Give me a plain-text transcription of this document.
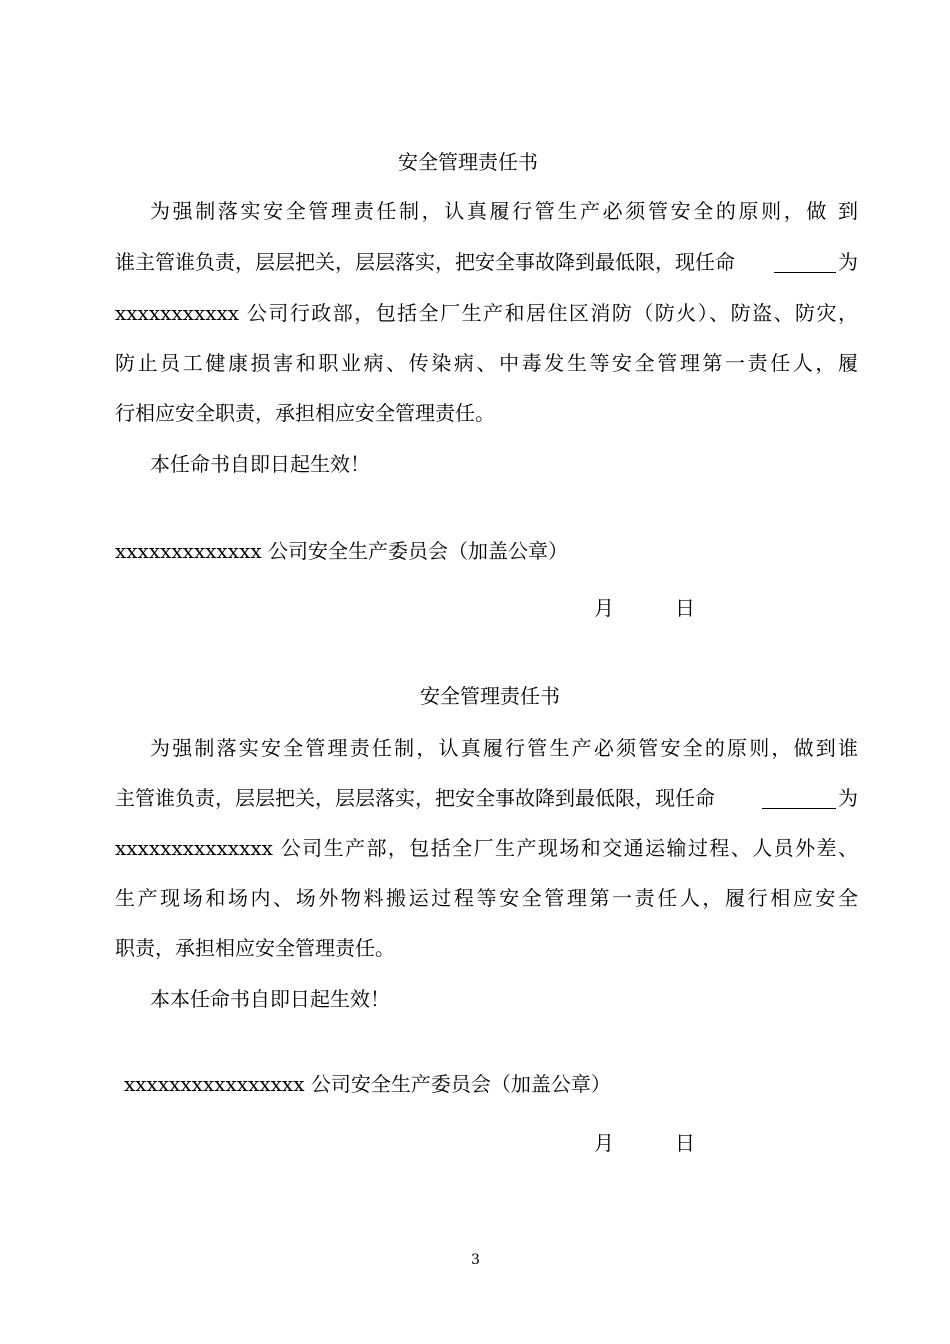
安全管理责任书
为强制落实安全管理责任制，认真履行管生产必须管安全的原则，做 到
谁主管谁负责，层层把关，层层落实，把安全事故降到最低限，现任命	为
xxxxxxxxxxx 公司行政部，包括全厂生产和居住区消防（防火）、防盗、防灾，
防止员工健康损害和职业病、传染病、中毒发生等安全管理第一责任人，履
行相应安全职责，承担相应安全管理责任。
本任命书自即日起生效！
xxxxxxxxxxxxx 公司安全生产委员会（加盖公章）
月	日
安全管理责任书
为强制落实安全管理责任制，认真履行管生产必须管安全的原则，做到谁
主管谁负责，层层把关，层层落实，把安全事故降到最低限，现任命	为
xxxxxxxxxxxxxx 公司生产部，包括全厂生产现场和交通运输过程、人员外差、
生产现场和场内、场外物料搬运过程等安全管理第一责任人，履行相应安全
职责，承担相应安全管理责任。
本本任命书自即日起生效！
xxxxxxxxxxxxxxxx 公司安全生产委员会（加盖公章）
月	日
3
